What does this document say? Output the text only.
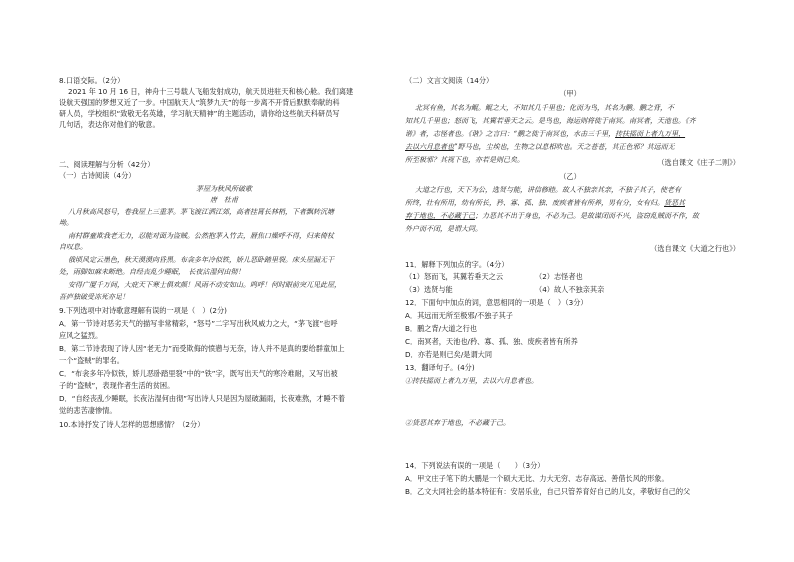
8.口语交际。（2分）
2021 年 10 月 16 日，神舟十三号载人飞船发射成功，航天员进驻天和核心舱。我们离建
设航天强国的梦想又近了一步。中国航天人“筑梦九天”的每一步离不开背后默默奉献的科
研人员，学校组织“致敬无名英雄，学习航天精神”的主题活动，请你给这些航天科研员写
几句话，表达你对他们的敬意。
二、阅读理解与分析（42分）
（一）古诗阅读（4分）
茅屋为秋风所破歌
唐　杜甫
八月秋高风怒号，卷我屋上三重茅。茅飞渡江洒江郊，高者挂罥长林梢，下者飘转沉塘
坳。
南村群童欺我老无力，忍能对面为盗贼。公然抱茅入竹去，唇焦口燥呼不得，归来倚杖
自叹息。
俄顷风定云墨色，秋天漠漠向昏黑。布衾多年冷似铁，娇儿恶卧踏里裂。床头屋漏无干
处，雨脚如麻未断绝。自经丧乱少睡眠，　长夜沾湿何由彻！
安得广厦千万间，大庇天下寒士俱欢颜！风雨不动安如山。呜呼！何时眼前突兀见此屋，
吾庐独破受冻死亦足！
9.下列选项中对诗歌意理解有误的一项是（　）(2分)
A．第一节诗对恶劣天气的描写非常精彩，“怒号”二字写出秋风威力之大，“茅飞渡”也呼
应风之猛烈。
B．第二节诗表现了诗人因“老无力”而受欺侮的愤懑与无奈，诗人并不是真的要给群童加上
一个“盗贼”的罪名。
C．“布衾多年冷似铁，娇儿恶卧踏里裂”中的“铁”字，既写出天气的寒冷难耐，又写出被
子的“盗贼”，表现作者生活的贫困。
D．“自经丧乱少睡眠，长夜沾湿何由彻”写出诗人只是因为屋破漏雨，长夜难熬，才睡不着
觉的悲苦凄惨情。
10.本诗抒发了诗人怎样的思想感情？（2分）
（二）文言文阅读（14分）
（甲）
北冥有鱼，其名为鲲。鲲之大，不知其几千里也；化而为鸟，其名为鹏。鹏之背，不
知其几千里也；怒而飞，其翼若垂天之云。是鸟也，海运则将徙于南冥。南冥者，天池也。《齐
谐》者，志怪者也。《谐》之言曰：“鹏之徙于南冥也，水击三千里，抟扶摇而上者九万里，
去以六月息者也”野马也，尘埃也，生物之以息相吹也。天之苍苍，其正色邪？其远而无
所至极邪？其视下也，亦若是则已矣。	（选自课文《庄子二则》）
（乙）
大道之行也，天下为公，选贤与能，讲信修睦。故人不独亲其亲，不独子其子，使老有
所终，壮有所用，幼有所长，矜、寡、孤、独、废疾者皆有所养，男有分，女有归。货恶其
弃于地也，不必藏于己；力恶其不出于身也，不必为己。是故谋闭而不兴，盗窃乱贼而不作，故
外户而不闭，是谓大同。
（选自课文《大道之行也》）
11．解释下列加点的字。（4分）
（1）怒而飞，其翼若垂天之云	（2）志怪者也
（3）选贤与能	（4）故人不独亲其亲
12．下面句中加点的词，意思相同的一项是（　）（3分）
A．其远而无所至极邪/不独子其子
B．鹏之背/大道之行也
C．南冥者，天池也/矜、寡、孤、独、废疾者皆有所养
D．亦若是则已矣/是谓大同
13．翻译句子。(4分)
①抟扶摇而上者九万里，去以六月息者也。
②货恶其弃于地也，不必藏于己。
14．下列说法有误的一项是（　　）（3分）
A．甲文庄子笔下的大鹏是一个硕大无比、力大无穷、志存高远、善借长风的形象。
B．乙文大同社会的基本特征有：安居乐业，自己只管养育好自己的儿女，孝敬好自己的父
